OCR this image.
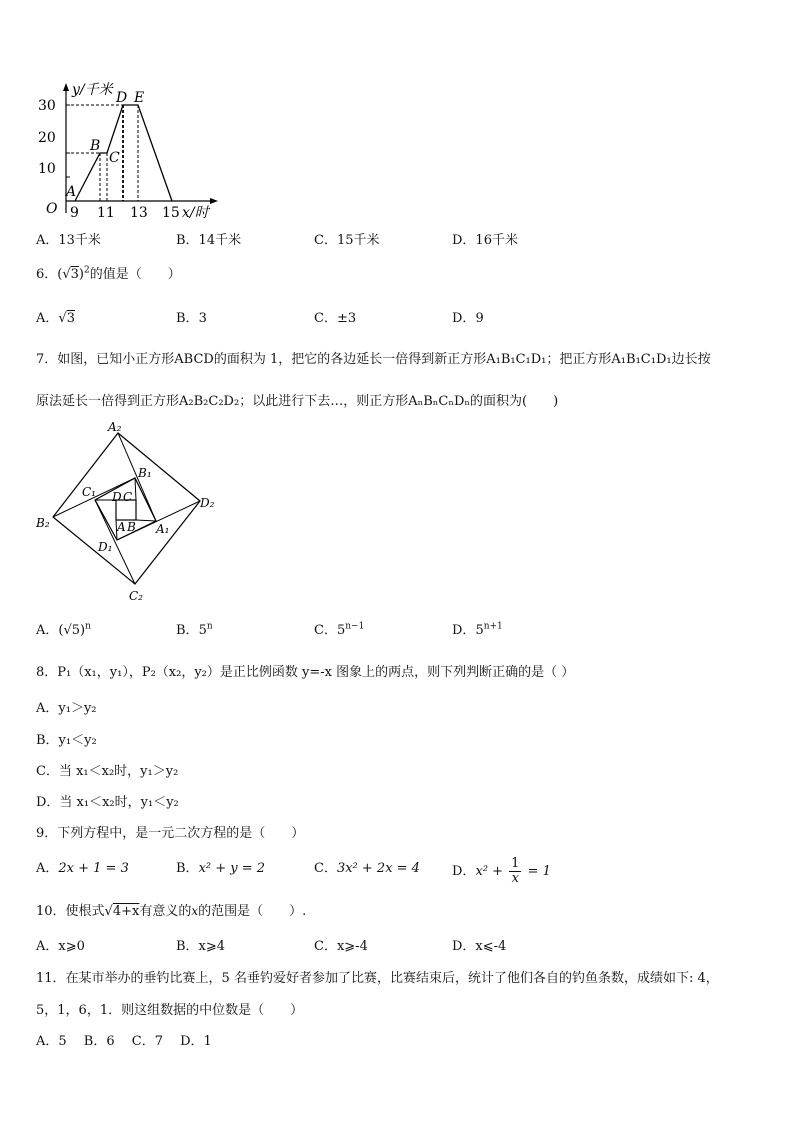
y/千米
30
20
10
O 9 11 13 15 x/时
A
B
C
D E
A．13千米	B．14千米	C．15千米	D．16千米
6．$(√3)^2$的值是（　　）
A．√3	B．3	C．±3	D．9
7．如图，已知小正方形ABCD的面积为 1，把它的各边延长一倍得到新正方形A₁B₁C₁D₁；把正方形A₁B₁C₁D₁边长按
原法延长一倍得到正方形A₂B₂C₂D₂；以此进行下去…，则正方形AₙBₙCₙDₙ的面积为(　　)
A₂
D₂
C₂
B₂
B₁
C₁
A₁
D₁
D C
A B
A．$(√5)^n$	B．5$^n$	C．$5^{n-1}$	D．$5^{n+1}$
8．P₁（x₁，y₁），P₂（x₂，y₂）是正比例函数 y=-x 图象上的两点，则下列判断正确的是（ ）
A．y₁＞y₂
B．y₁＜y₂
C．当 x₁＜x₂时，y₁＞y₂
D．当 x₁＜x₂时，y₁＜y₂
9．下列方程中，是一元二次方程的是（　　）
A．2x + 1 = 3	B．x² + y = 2	C．3x² + 2x = 4 D．$x^2 + \frac{1}{x} = 1$
10．使根式√4+x有意义的x的范围是（　　）.
A．x⩾0	B．x⩾4	C．x⩾-4	D．x⩽-4
11．在某市举办的垂钓比赛上，5 名垂钓爱好者参加了比赛，比赛结束后，统计了他们各自的钓鱼条数，成绩如下: 4，
5，1，6，1．则这组数据的中位数是（　　）
A．5　 B．6　 C．7　 D．1
